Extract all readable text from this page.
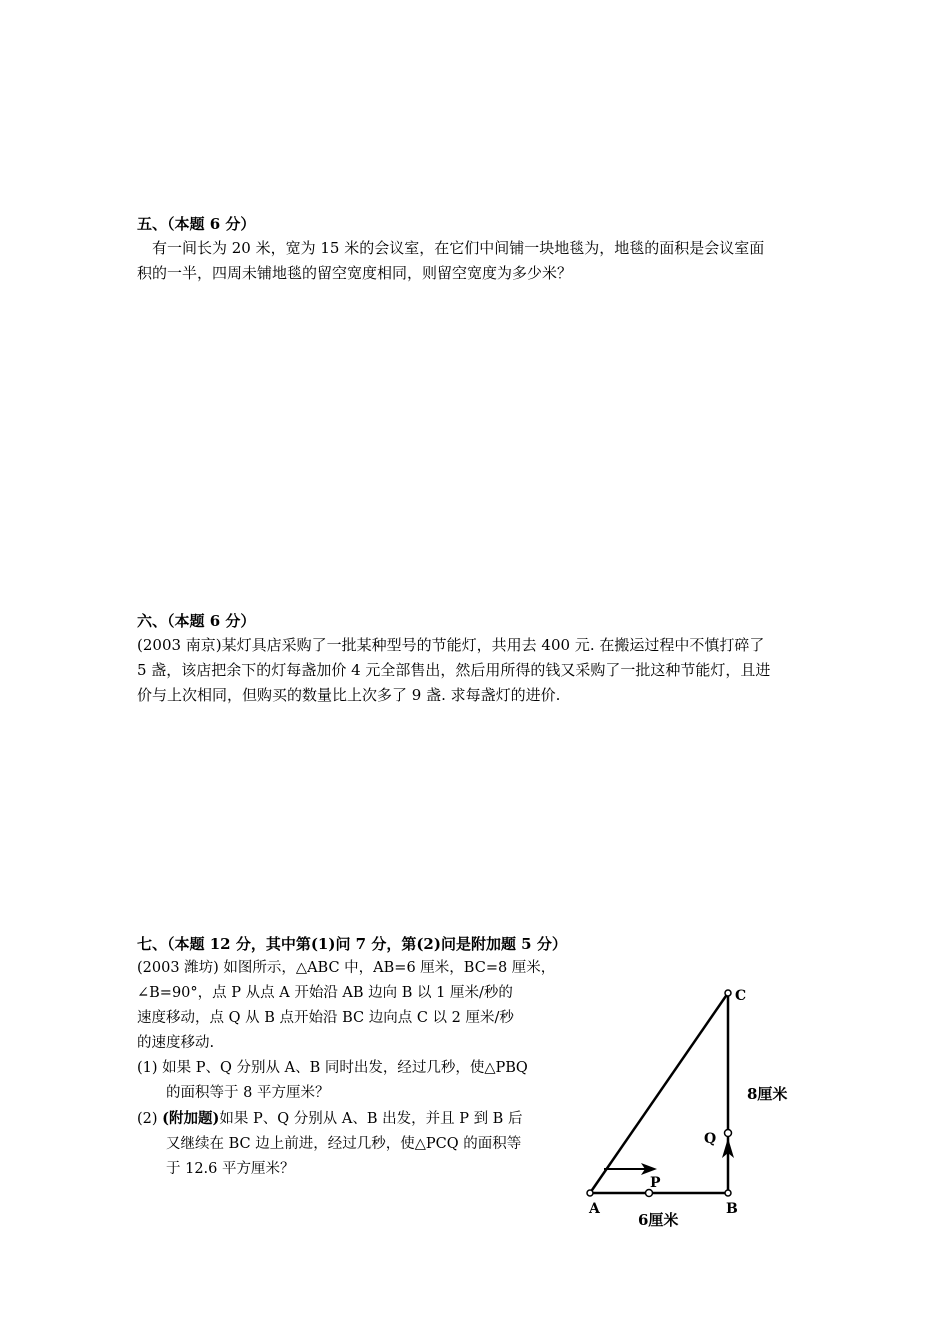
五、（本题 6 分）
有一间长为 20 米，宽为 15 米的会议室，在它们中间铺一块地毯为，地毯的面积是会议室面
积的一半，四周未铺地毯的留空宽度相同，则留空宽度为多少米？
六、（本题 6 分）
(2003 南京)某灯具店采购了一批某种型号的节能灯，共用去 400 元. 在搬运过程中不慎打碎了
5 盏，该店把余下的灯每盏加价 4 元全部售出，然后用所得的钱又采购了一批这种节能灯，且进
价与上次相同，但购买的数量比上次多了 9 盏. 求每盏灯的进价.
七、（本题 12 分，其中第(1)问 7 分，第(2)问是附加题 5 分）
(2003 潍坊) 如图所示，△ABC 中，AB=6 厘米，BC=8 厘米，
∠B=90°，点 P 从点 A 开始沿 AB 边向 B 以 1 厘米/秒的
速度移动，点 Q 从 B 点开始沿 BC 边向点 C 以 2 厘米/秒
的速度移动.
(1) 如果 P、Q 分别从 A、B 同时出发，经过几秒，使△PBQ
的面积等于 8 平方厘米？
(2) (附加题)如果 P、Q 分别从 A、B 出发，并且 P 到 B 后
又继续在 BC 边上前进，经过几秒，使△PCQ 的面积等
于 12.6 平方厘米？
A	B
C
P
Q
6厘米
8厘米
